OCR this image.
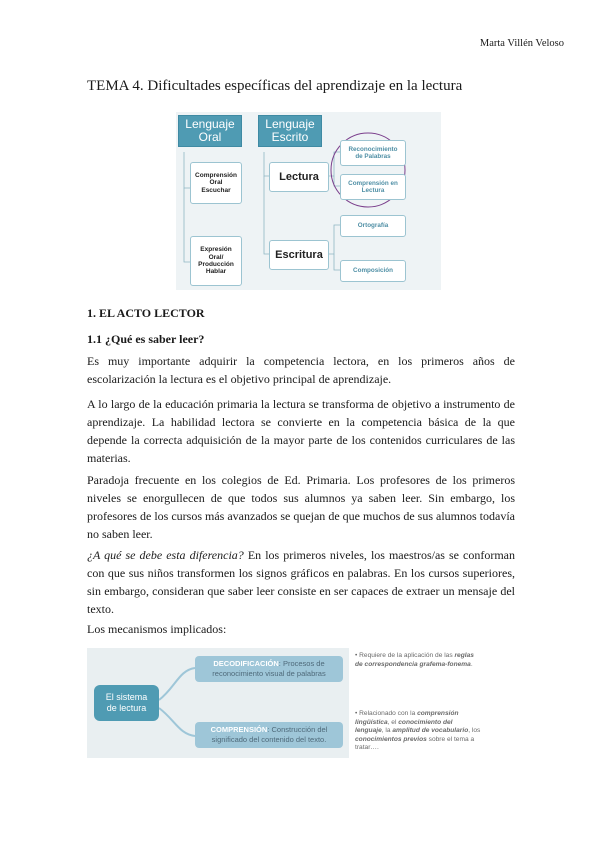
Marta Villén Veloso
TEMA 4. Dificultades específicas del aprendizaje en la lectura
Lenguaje
Oral
Comprensión
Oral
Escuchar
Expresión
Oral/
Producción
Hablar
Lenguaje
Escrito
Lectura
Escritura
Reconocimiento
de Palabras
Comprensión en
Lectura
Ortografía
Composición
1. EL ACTO LECTOR
1.1 ¿Qué es saber leer?
Es muy importante adquirir la competencia lectora, en los primeros años de escolarización la lectura es el objetivo principal de aprendizaje.
A lo largo de la educación primaria la lectura se transforma de objetivo a instrumento de aprendizaje. La habilidad lectora se convierte en la competencia básica de la que depende la correcta adquisición de la mayor parte de los contenidos curriculares de las materias.
Paradoja frecuente en los colegios de Ed. Primaria. Los profesores de los primeros niveles se enorgullecen de que todos sus alumnos ya saben leer. Sin embargo, los profesores de los cursos más avanzados se quejan de que muchos de sus alumnos todavía no saben leer.
¿A qué se debe esta diferencia? En los primeros niveles, los maestros/as se conforman con que sus niños transformen los signos gráficos en palabras. En los cursos superiores, sin embargo, consideran que saber leer consiste en ser capaces de extraer un mensaje del texto.
Los mecanismos implicados:
El sistema
de lectura
DECODIFICACIÓN: Procesos de
reconocimiento visual de palabras
COMPRENSIÓN: Construcción del
significado del contenido del texto.
• Requiere de la aplicación de las reglas de correspondencia grafema-fonema.
• Relacionado con la comprensión lingüística, el conocimiento del lenguaje, la amplitud de vocabulario, los conocimientos previos sobre el tema a tratar….
